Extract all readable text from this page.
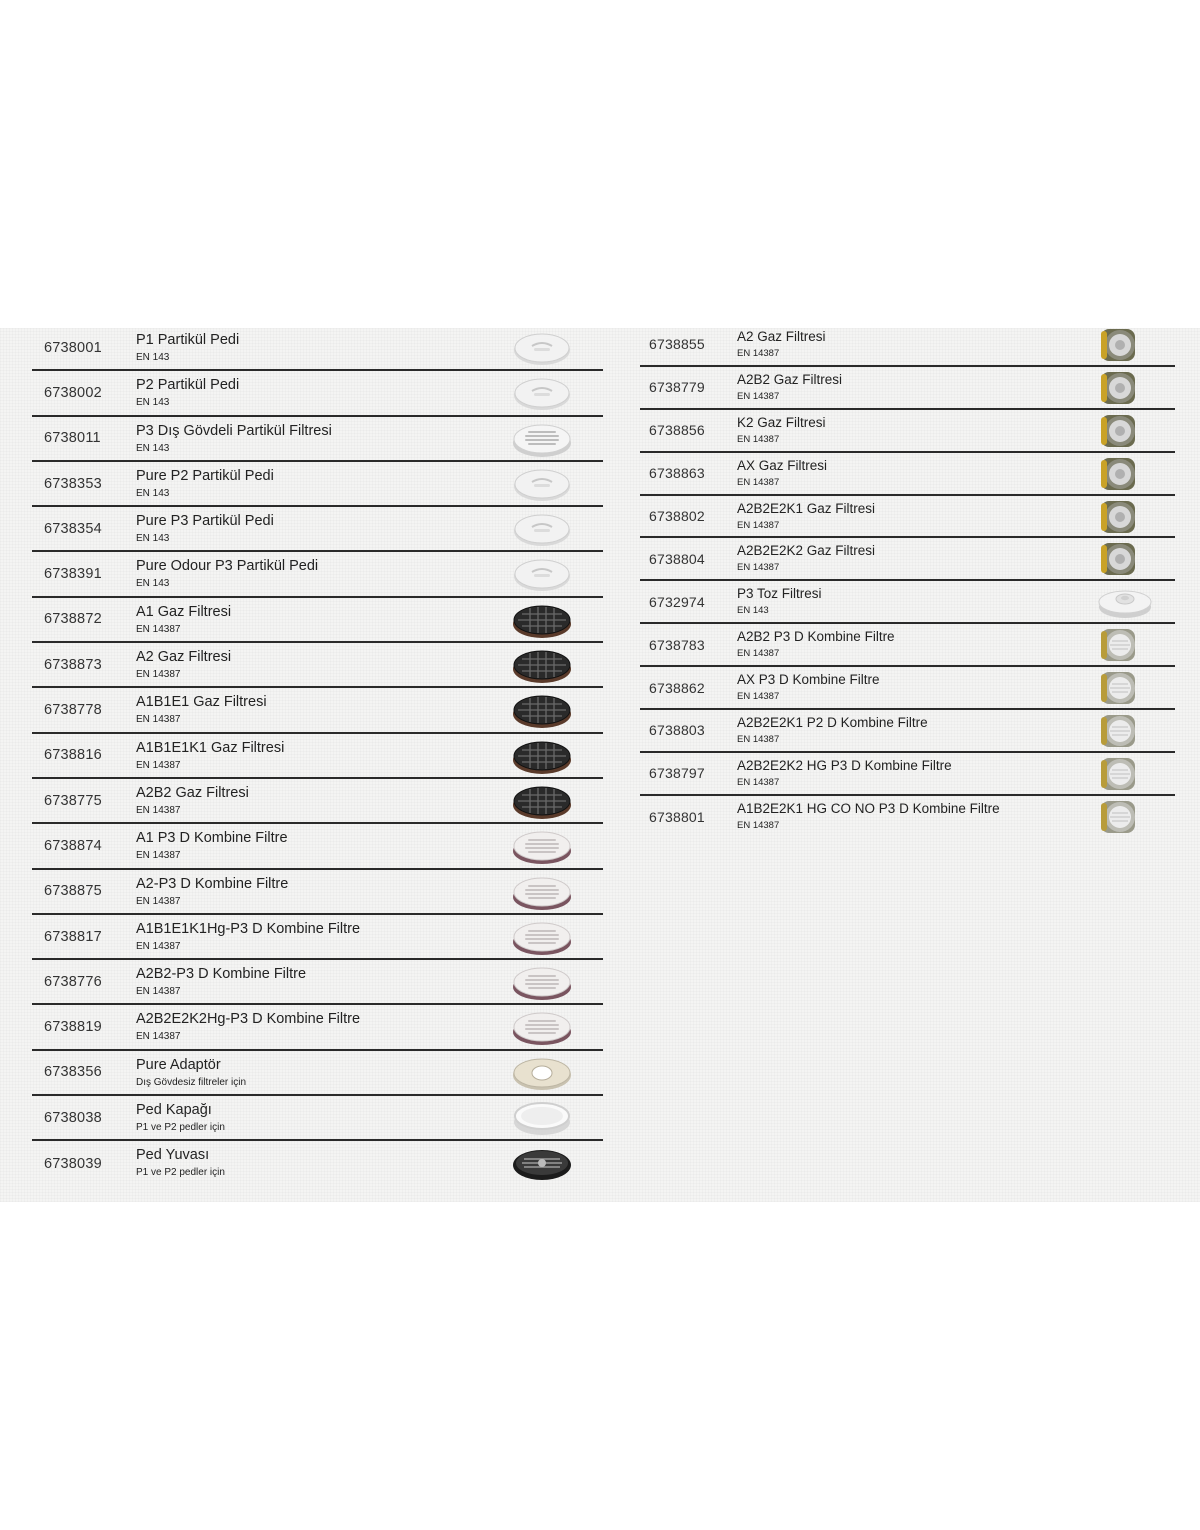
6738001 P1 Partikül Pedi
EN 143
6738002 P2 Partikül Pedi
EN 143
6738011 P3 Dış Gövdeli Partikül Filtresi
EN 143
6738353 Pure P2 Partikül Pedi
EN 143
6738354 Pure P3 Partikül Pedi
EN 143
6738391 Pure Odour P3 Partikül Pedi
EN 143
6738872 A1 Gaz Filtresi
EN 14387
6738873 A2 Gaz Filtresi
EN 14387
6738778 A1B1E1 Gaz Filtresi
EN 14387
6738816 A1B1E1K1 Gaz Filtresi
EN 14387
6738775 A2B2 Gaz Filtresi
EN 14387
6738874 A1 P3 D Kombine Filtre
EN 14387
6738875 A2-P3 D Kombine Filtre
EN 14387
6738817 A1B1E1K1Hg-P3 D Kombine Filtre
EN 14387
6738776 A2B2-P3 D Kombine Filtre
EN 14387
6738819 A2B2E2K2Hg-P3 D Kombine Filtre
EN 14387
6738356 Pure Adaptör
Dış Gövdesiz filtreler için
6738038 Ped Kapağı
P1 ve P2 pedler için
6738039
Ped Yuvası
P1 ve P2 pedler için
6738855 A2 Gaz Filtresi
EN 14387
6738779 A2B2 Gaz Filtresi
EN 14387
6738856 K2 Gaz Filtresi
EN 14387
6738863 AX Gaz Filtresi
EN 14387
6738802 A2B2E2K1 Gaz Filtresi
EN 14387
6738804 A2B2E2K2 Gaz Filtresi
EN 14387
6732974 P3 Toz Filtresi
EN 143
6738783 A2B2 P3 D Kombine Filtre
EN 14387
6738862 AX P3 D Kombine Filtre
EN 14387
6738803 A2B2E2K1 P2 D Kombine Filtre
EN 14387
6738797 A2B2E2K2 HG P3 D Kombine Filtre
EN 14387
6738801
A1B2E2K1 HG CO NO P3 D Kombine Filtre
EN 14387
